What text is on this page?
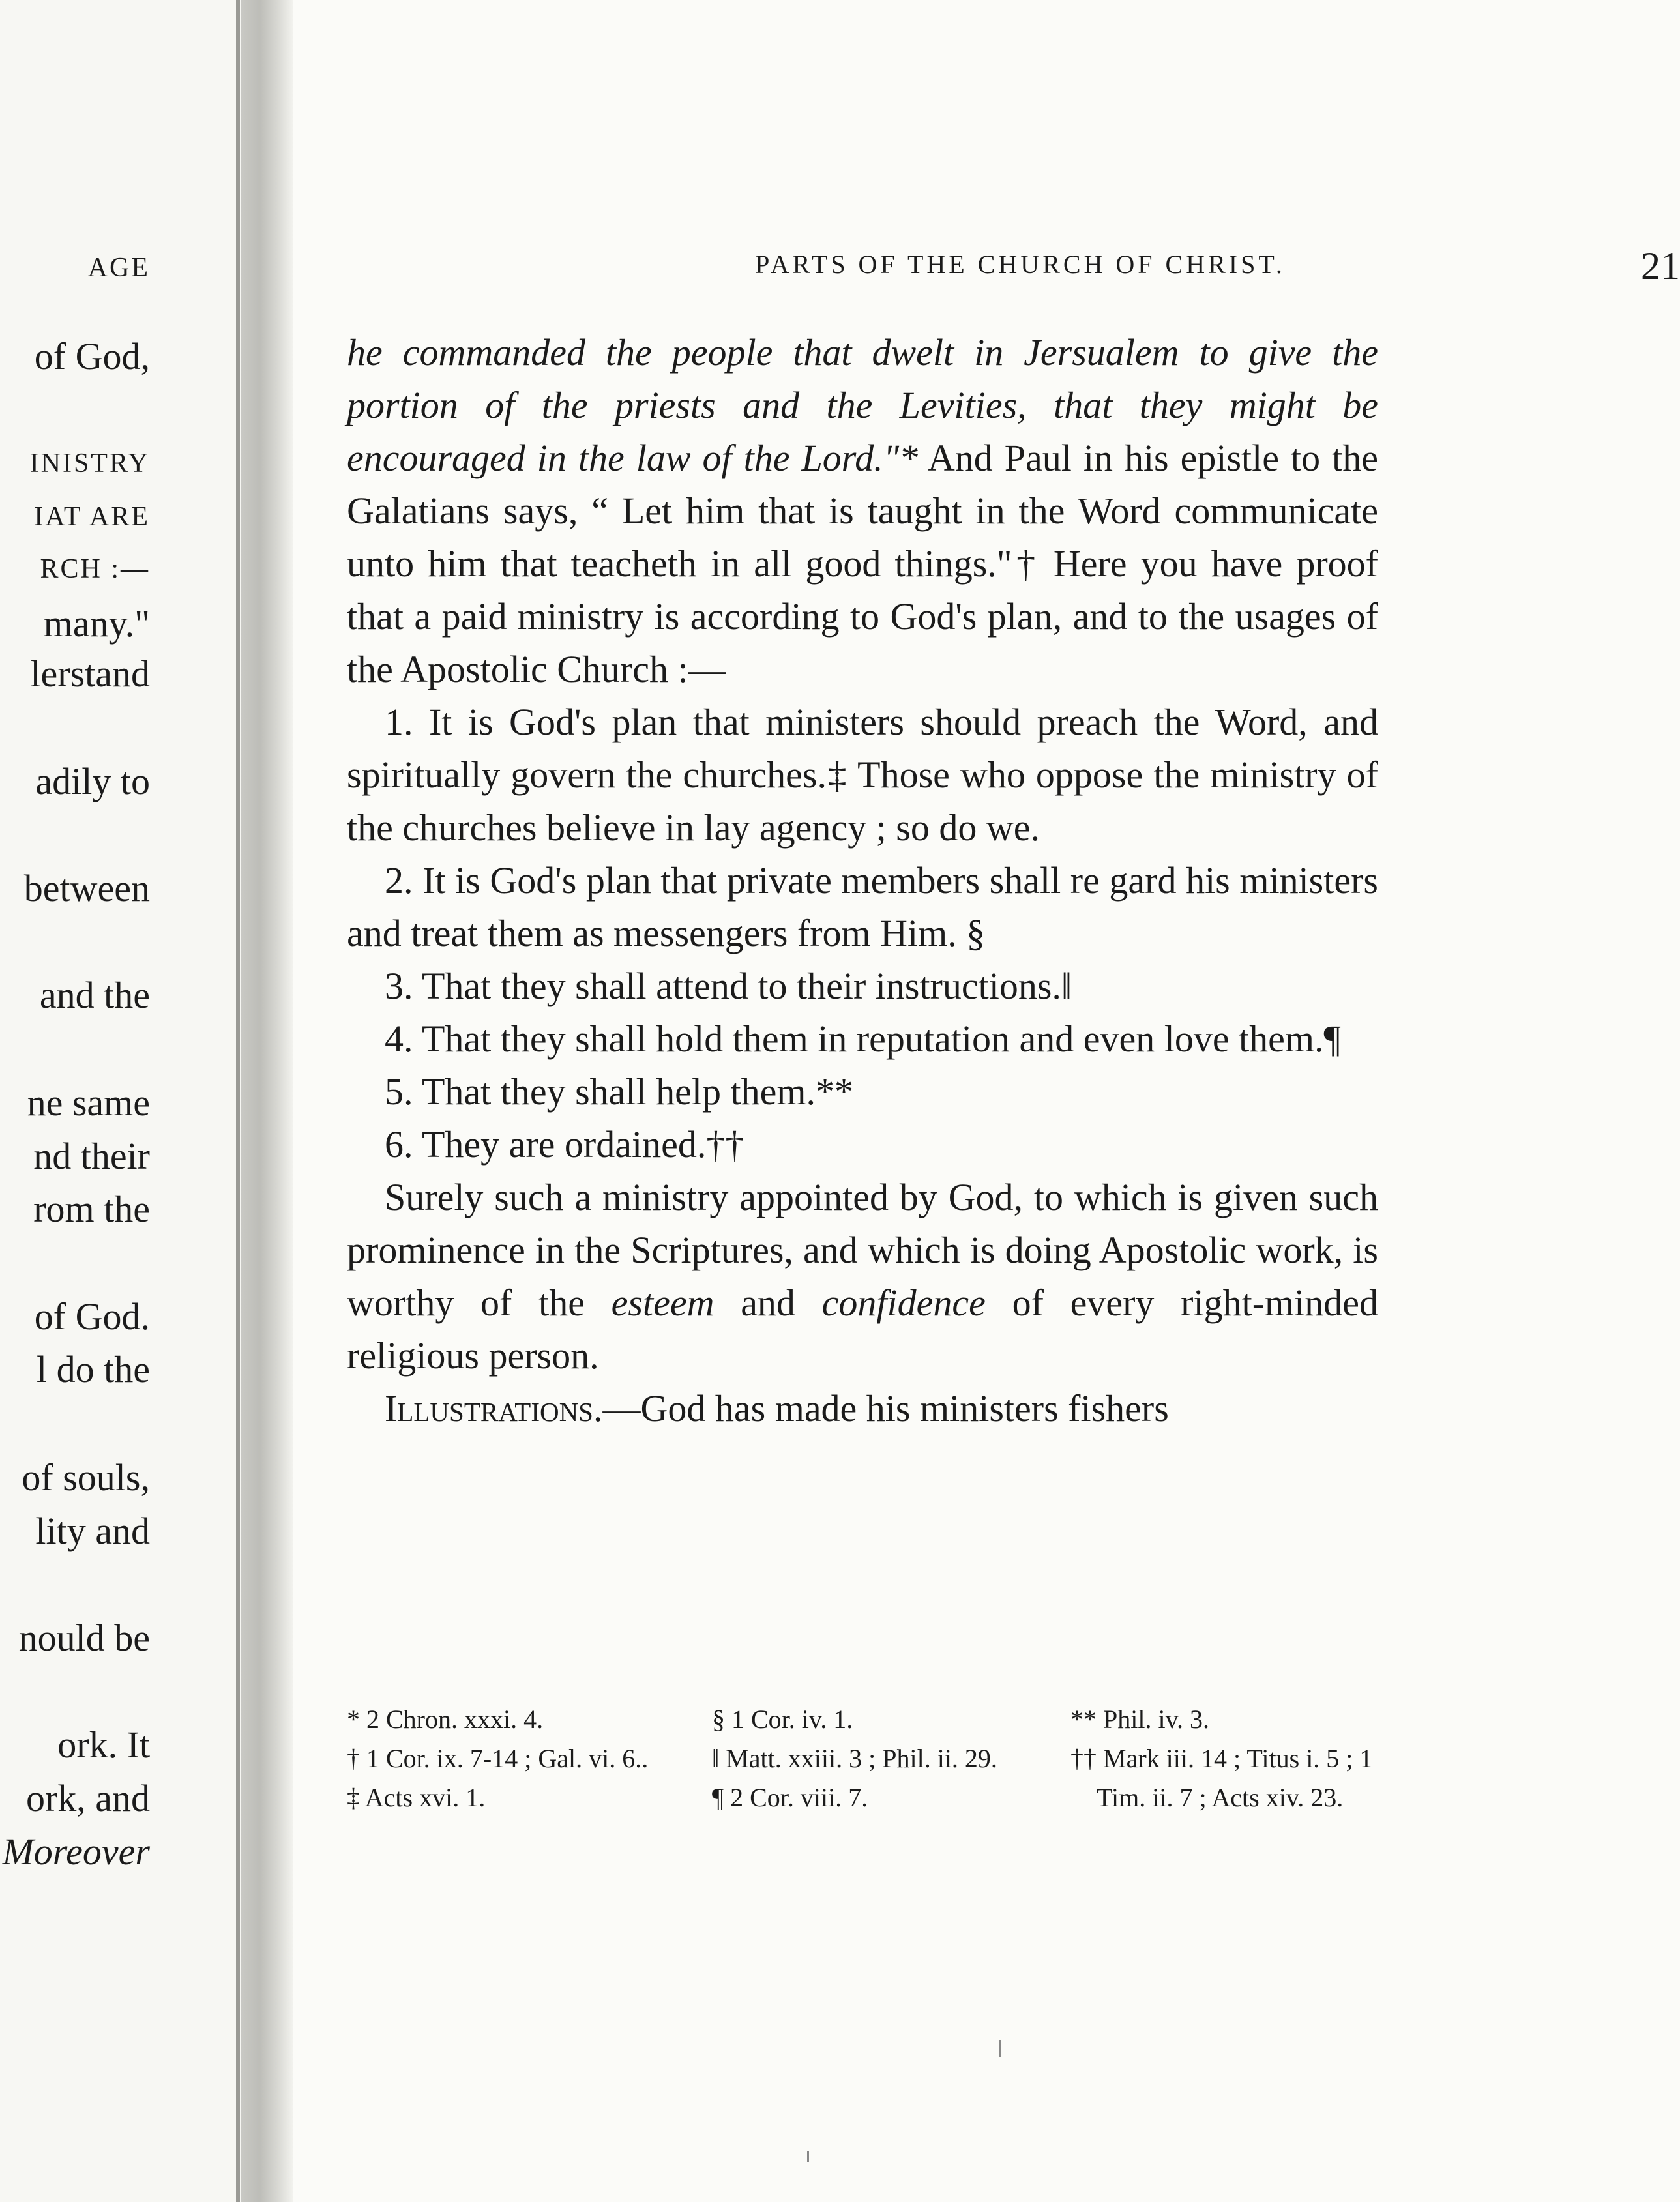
AGE
of God,
INISTRY
IAT ARE
RCH :—
many."
lerstand
adily to
between
and the
ne same
nd their
rom the
of God.
l do the
of souls,
lity and
nould be
ork. It
ork, and
Moreover
PARTS OF THE CHURCH OF CHRIST.	21

he commanded the people that dwelt in Jersualem to give the portion of the priests and the Levities, that they might be encouraged in the law of the Lord."* And Paul in his epistle to the Galatians says, “ Let him that is taught in the Word communicate unto him that teacheth in all good things."† Here you have proof that a paid ministry is according to God's plan, and to the usages of the Apostolic Church :—

1. It is God's plan that ministers should preach the Word, and spiritually govern the churches.‡ Those who oppose the ministry of the churches believe in lay agency ; so do we.

2. It is God's plan that private members shall re gard his ministers and treat them as messengers from Him. §

3. That they shall attend to their instructions.‖

4. That they shall hold them in reputation and even love them.¶

5. That they shall help them.**

6. They are ordained.††

Surely such a ministry appointed by God, to which is given such prominence in the Scriptures, and which is doing Apostolic work, is worthy of the esteem and confidence of every right-minded religious person.

Illustrations.—God has made his ministers fishers

* 2 Chron. xxxi. 4.

† 1 Cor. ix. 7-14 ; Gal. vi. 6..

‡ Acts xvi. 1.

§ 1 Cor. iv. 1.

‖ Matt. xxiii. 3 ; Phil. ii. 29.

¶ 2 Cor. viii. 7.

** Phil. iv. 3.

†† Mark iii. 14 ; Titus i. 5 ; 1 Tim. ii. 7 ; Acts xiv. 23.
